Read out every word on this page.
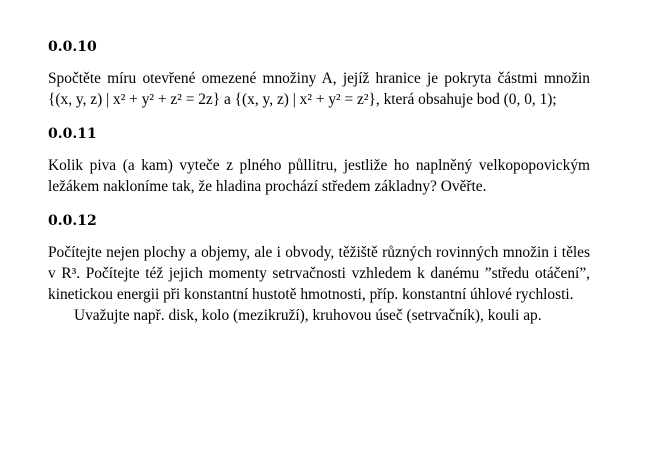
0.0.10

Spočtěte míru otevřené omezené množiny A, jejíž hranice je pokryta částmi množin {(x, y, z) | x² + y² + z² = 2z} a {(x, y, z) | x² + y² = z²}, která obsahuje bod (0, 0, 1);

0.0.11

Kolik piva (a kam) vyteče z plného půllitru, jestliže ho naplněný velkopopovickým ležákem nakloníme tak, že hladina prochází středem základny? Ověřte.

0.0.12

Počítejte nejen plochy a objemy, ale i obvody, těžiště různých rovinných množin i těles v R³. Počítejte též jejich momenty setrvačnosti vzhledem k danému ”středu otáčení”, kinetickou energii při konstantní hustotě hmotnosti, příp. konstantní úhlové rychlosti.

Uvažujte např. disk, kolo (mezikruží), kruhovou úseč (setrvačník), kouli ap.
